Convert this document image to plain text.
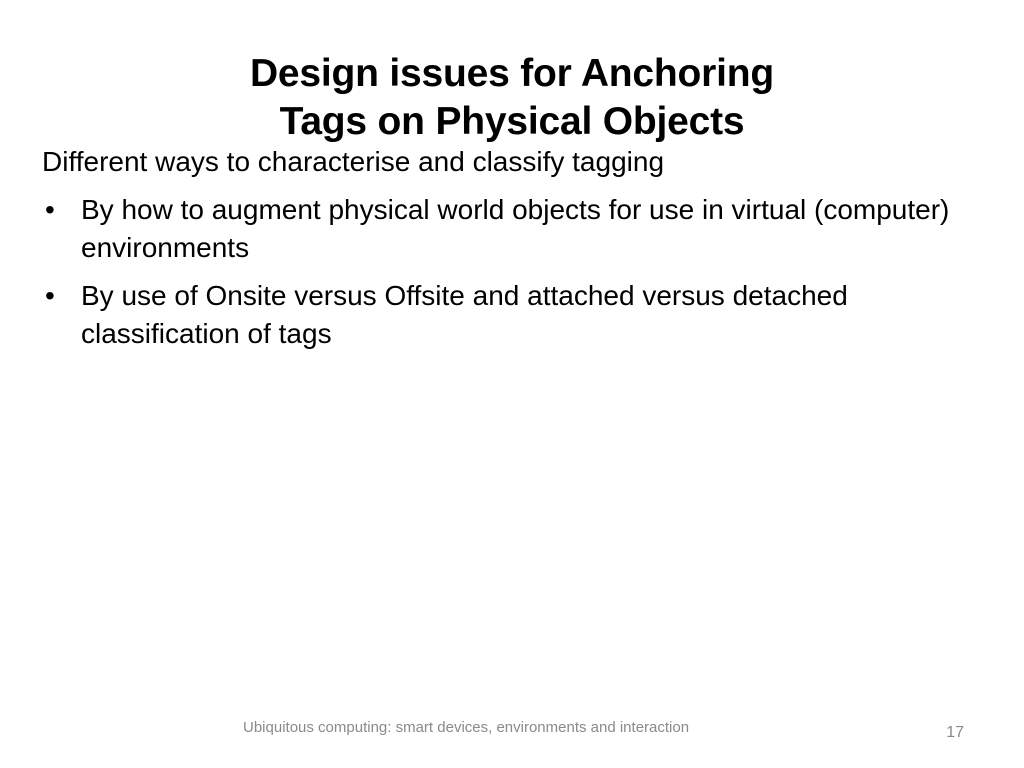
Design issues for Anchoring
Tags on Physical Objects

Different ways to characterise and classify tagging

• By how to augment physical world objects for use in virtual (computer) environments
• By use of Onsite versus Offsite and attached versus detached classification of tags
Ubiquitous computing: smart devices, environments and interaction	17
